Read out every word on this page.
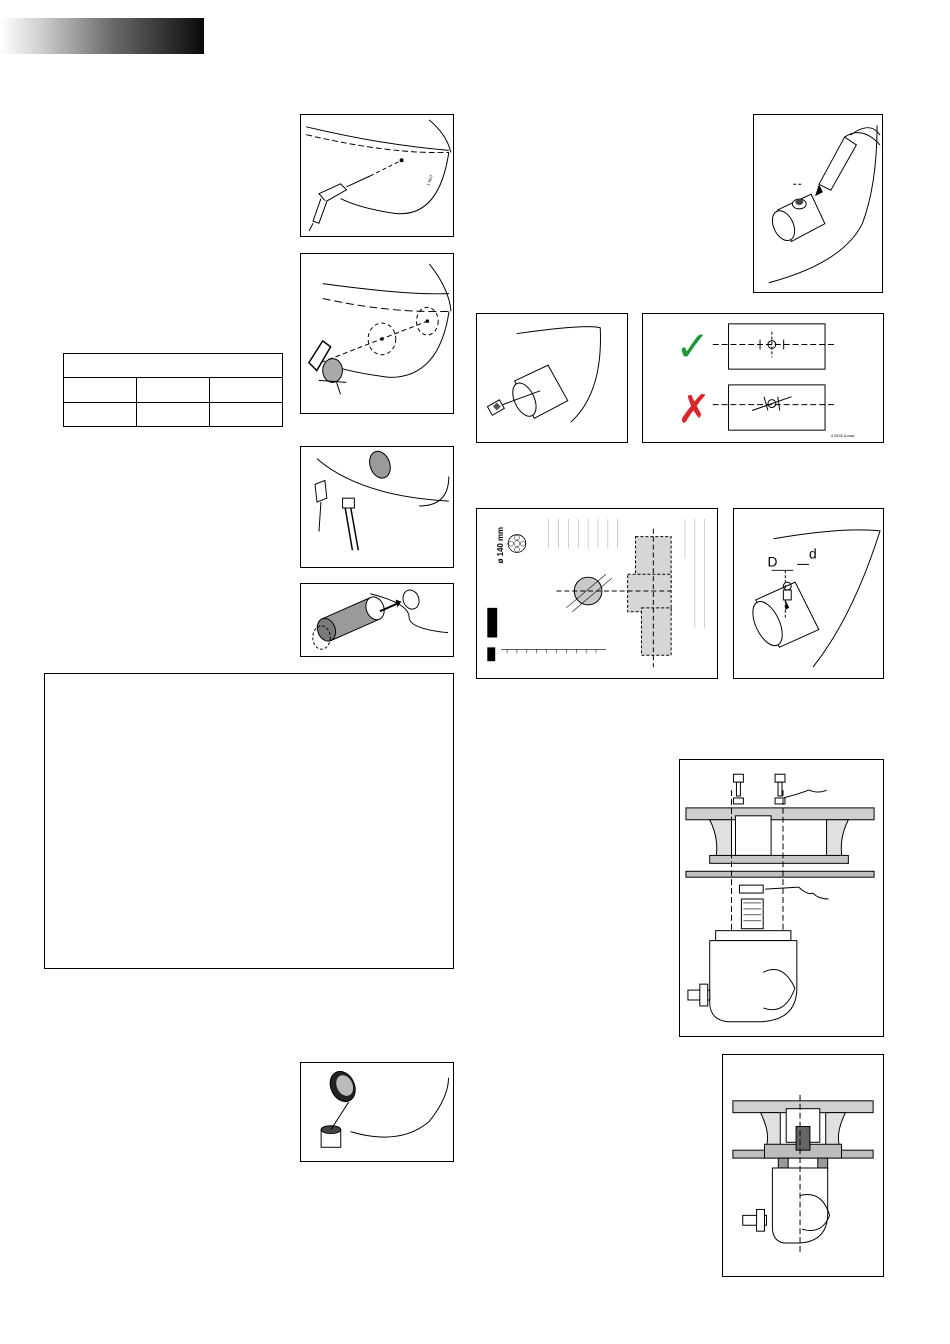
1 NUT

✓
✗
4 9432 #.eaw
ø 140 mm	D d
